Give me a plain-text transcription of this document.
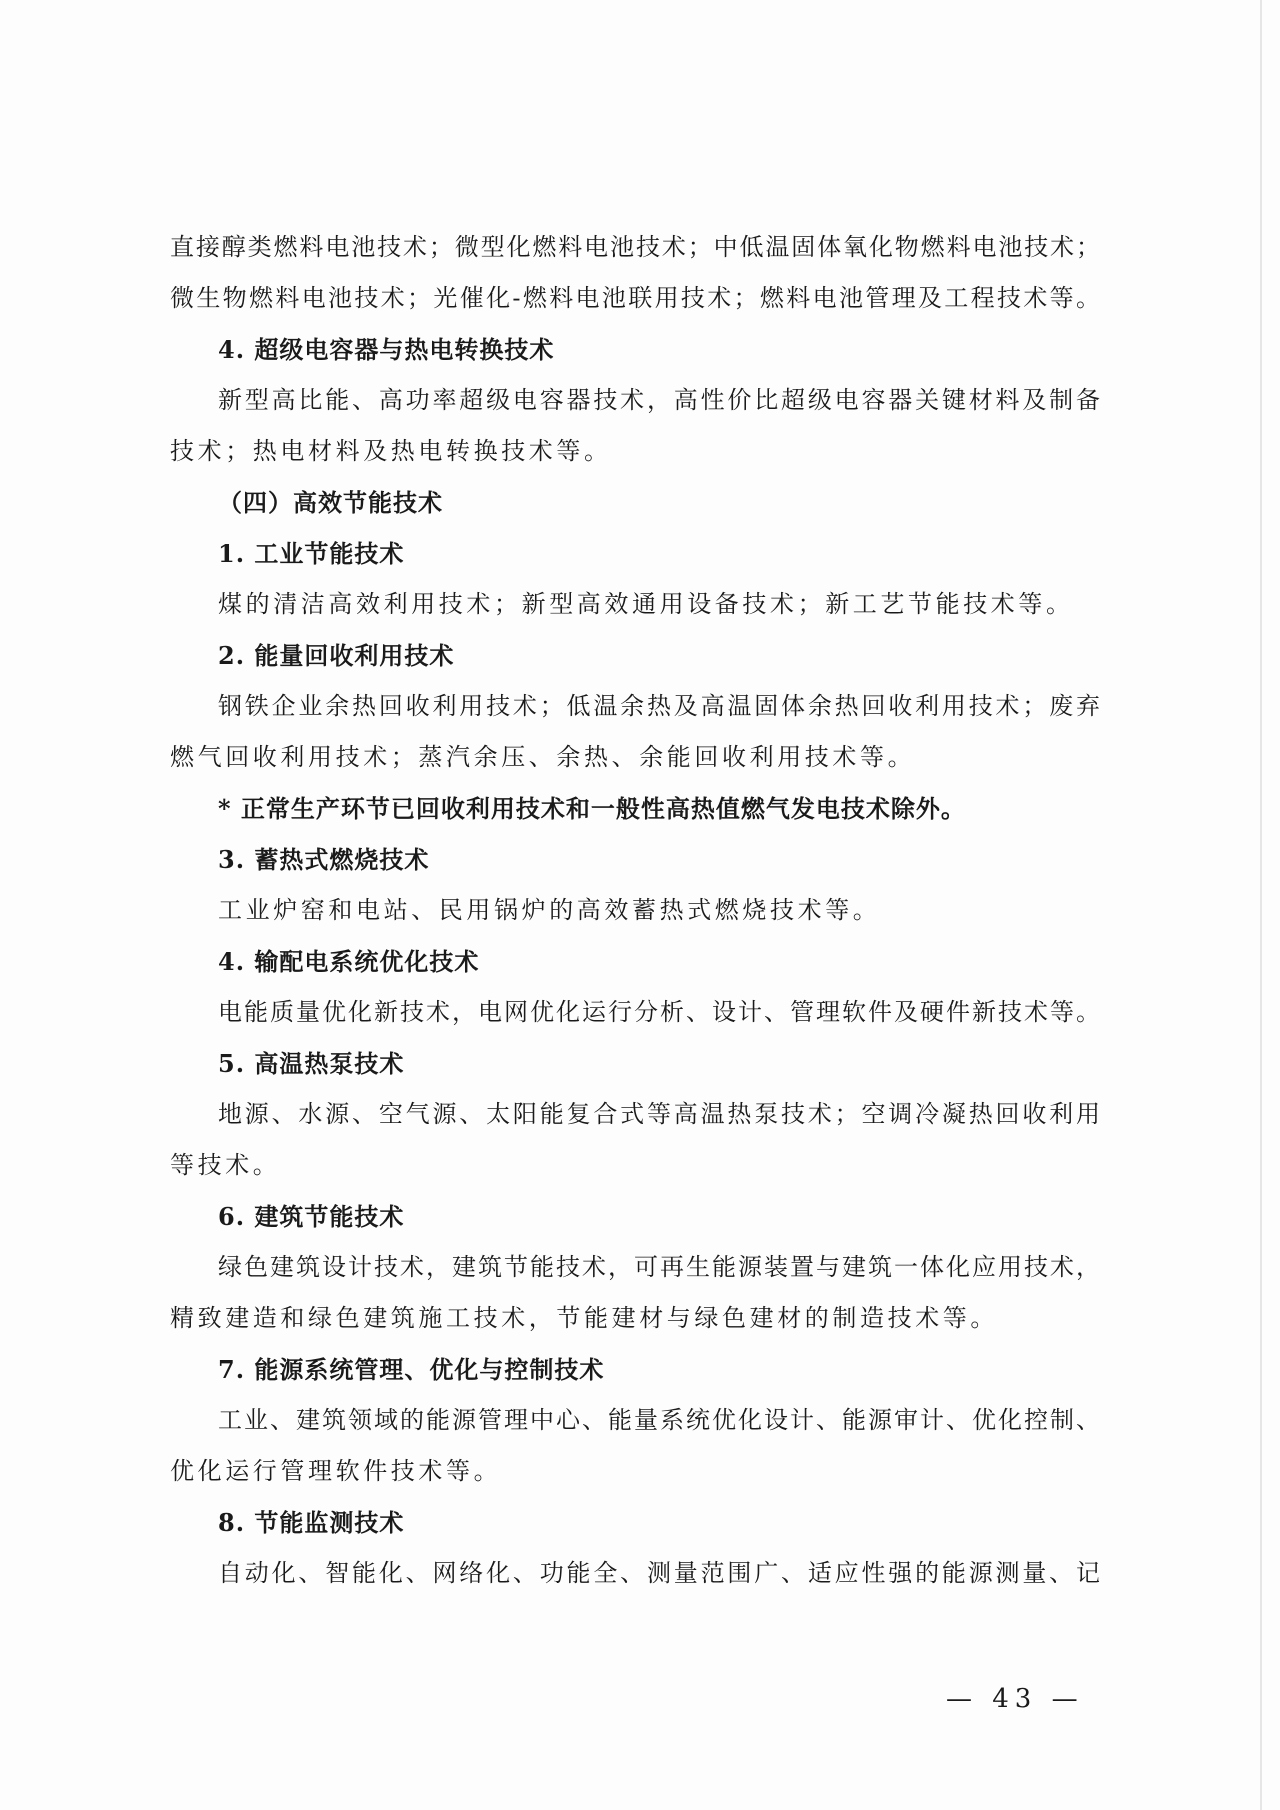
直接醇类燃料电池技术；微型化燃料电池技术；中低温固体氧化物燃料电池技术；
微生物燃料电池技术；光催化-燃料电池联用技术；燃料电池管理及工程技术等。
4. 超级电容器与热电转换技术
新型高比能、高功率超级电容器技术，高性价比超级电容器关键材料及制备
技术；热电材料及热电转换技术等。
（四）高效节能技术
1. 工业节能技术
煤的清洁高效利用技术；新型高效通用设备技术；新工艺节能技术等。
2. 能量回收利用技术
钢铁企业余热回收利用技术；低温余热及高温固体余热回收利用技术；废弃
燃气回收利用技术；蒸汽余压、余热、余能回收利用技术等。
* 正常生产环节已回收利用技术和一般性高热值燃气发电技术除外。
3. 蓄热式燃烧技术
工业炉窑和电站、民用锅炉的高效蓄热式燃烧技术等。
4. 输配电系统优化技术
电能质量优化新技术，电网优化运行分析、设计、管理软件及硬件新技术等。
5. 高温热泵技术
地源、水源、空气源、太阳能复合式等高温热泵技术；空调冷凝热回收利用
等技术。
6. 建筑节能技术
绿色建筑设计技术，建筑节能技术，可再生能源装置与建筑一体化应用技术，
精致建造和绿色建筑施工技术，节能建材与绿色建材的制造技术等。
7. 能源系统管理、优化与控制技术
工业、建筑领域的能源管理中心、能量系统优化设计、能源审计、优化控制、
优化运行管理软件技术等。
8. 节能监测技术
自动化、智能化、网络化、功能全、测量范围广、适应性强的能源测量、记
— 43 —
